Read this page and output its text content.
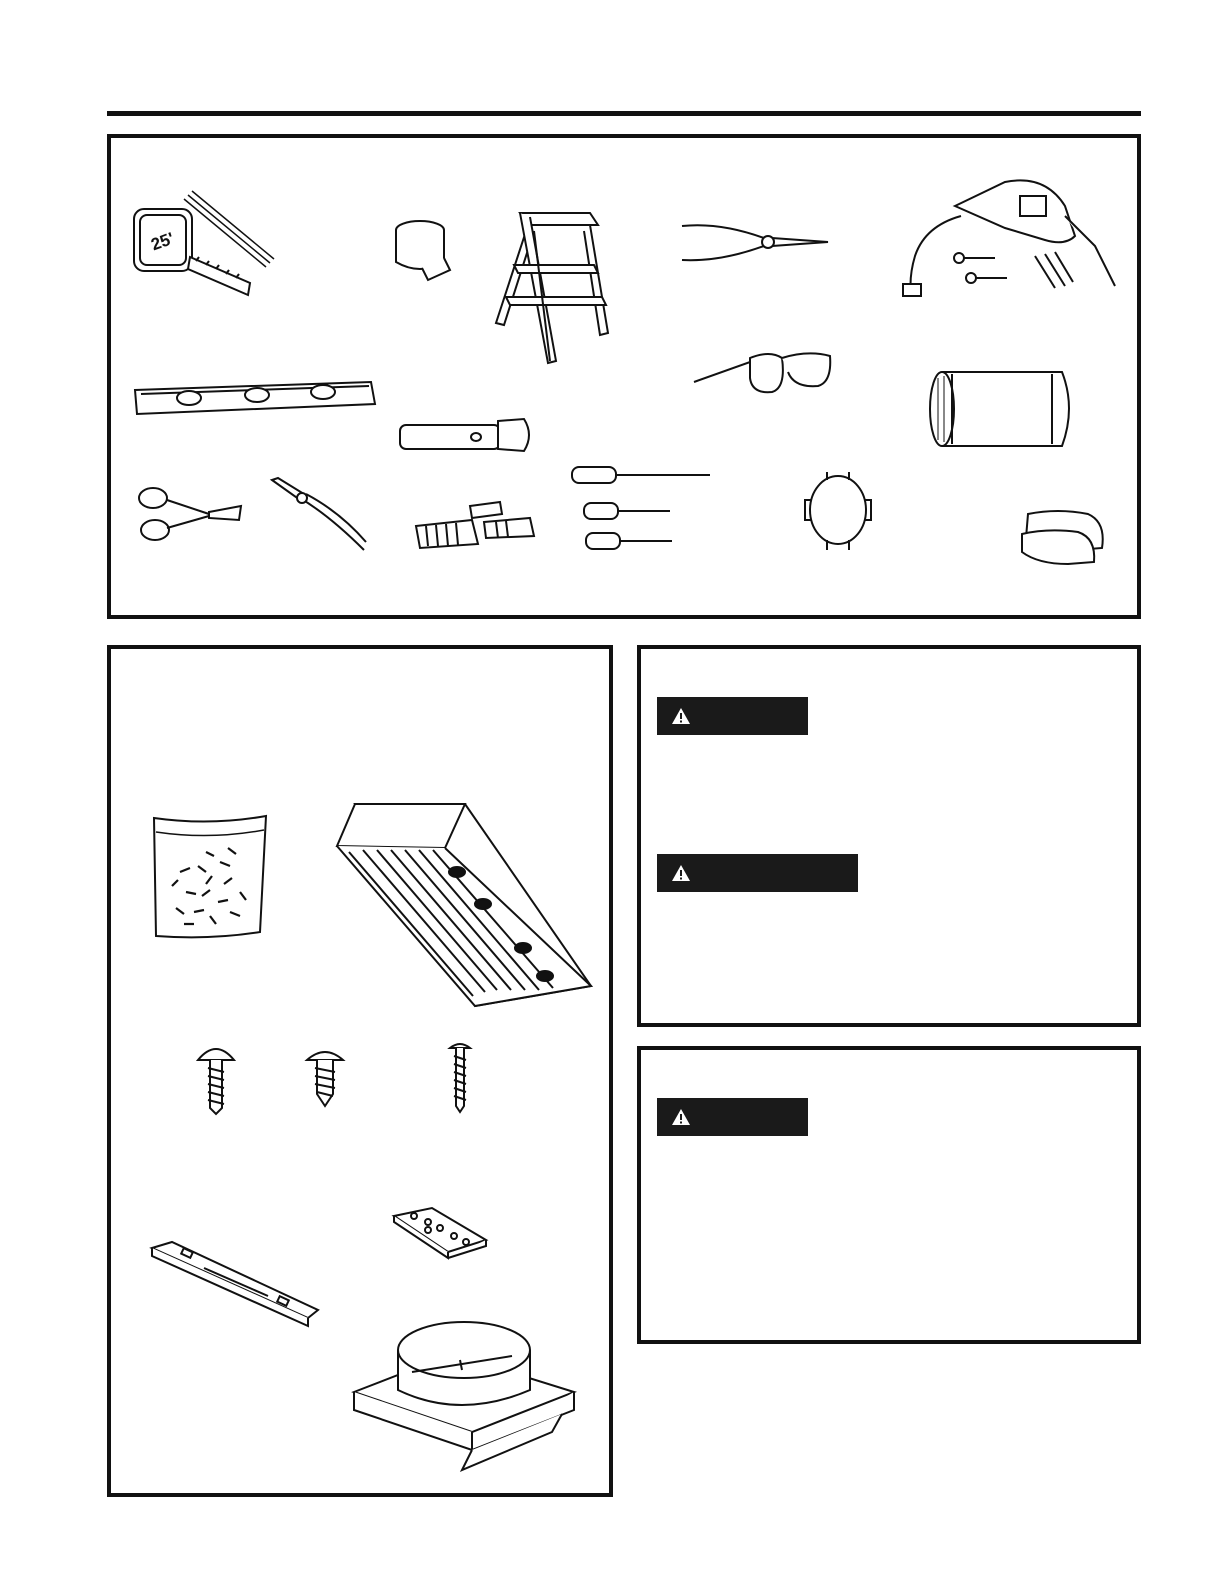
25'
